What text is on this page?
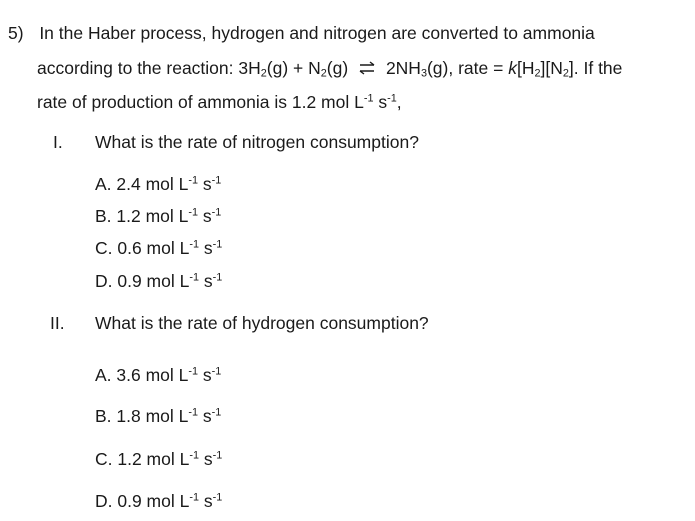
5) In the Haber process, hydrogen and nitrogen are converted to ammonia
according to the reaction: $3H_2(g) + N_2(g)$ ⇌ $2NH_3(g)$, rate = $k[H_2][N_2]$. If the
rate of production of ammonia is 1.2 mol $L^{-1}$ $s^{-1}$,
I. What is the rate of nitrogen consumption?
A. 2.4 mol $L^{-1}$ $s^{-1}$
B. 1.2 mol $L^{-1}$ $s^{-1}$
C. 0.6 mol $L^{-1}$ $s^{-1}$
D. 0.9 mol $L^{-1}$ $s^{-1}$
II. What is the rate of hydrogen consumption?
A. 3.6 mol $L^{-1}$ $s^{-1}$
B. 1.8 mol $L^{-1}$ $s^{-1}$
C. 1.2 mol $L^{-1}$ $s^{-1}$
D. 0.9 mol $L^{-1}$ $s^{-1}$
